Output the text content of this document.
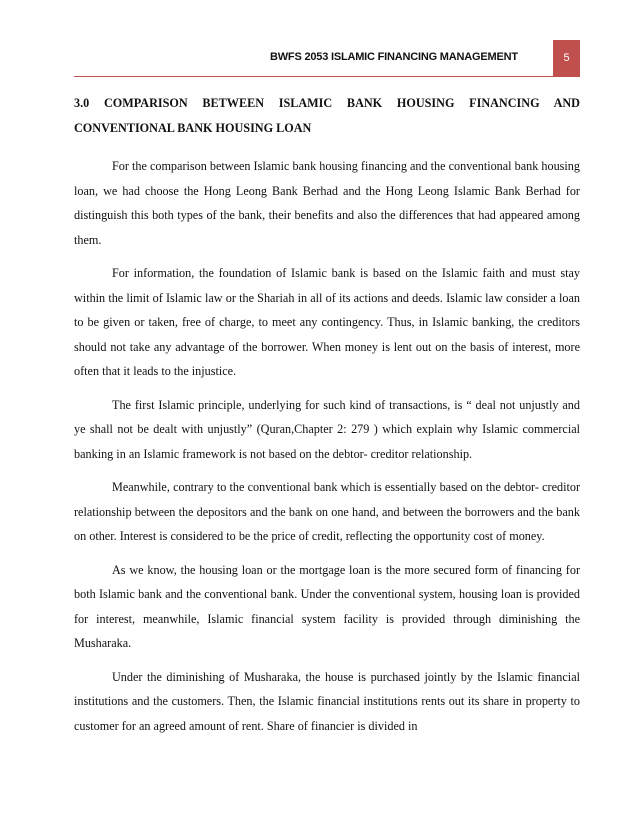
BWFS 2053 ISLAMIC FINANCING MANAGEMENT	5

3.0 COMPARISON BETWEEN ISLAMIC BANK HOUSING FINANCING AND CONVENTIONAL BANK HOUSING LOAN

For the comparison between Islamic bank housing financing and the conventional bank housing loan, we had choose the Hong Leong Bank Berhad and the Hong Leong Islamic Bank Berhad for distinguish this both types of the bank, their benefits and also the differences that had appeared among them.

For information, the foundation of Islamic bank is based on the Islamic faith and must stay within the limit of Islamic law or the Shariah in all of its actions and deeds. Islamic law consider a loan to be given or taken, free of charge, to meet any contingency. Thus, in Islamic banking, the creditors should not take any advantage of the borrower. When money is lent out on the basis of interest, more often that it leads to the injustice.

The first Islamic principle, underlying for such kind of transactions, is “ deal not unjustly and ye shall not be dealt with unjustly” (Quran,Chapter 2: 279 ) which explain why Islamic commercial banking in an Islamic framework is not based on the debtor- creditor relationship.

Meanwhile, contrary to the conventional bank which is essentially based on the debtor- creditor relationship between the depositors and the bank on one hand, and between the borrowers and the bank on other. Interest is considered to be the price of credit, reflecting the opportunity cost of money.

As we know, the housing loan or the mortgage loan is the more secured form of financing for both Islamic bank and the conventional bank. Under the conventional system, housing loan is provided for interest, meanwhile, Islamic financial system facility is provided through diminishing the Musharaka.

Under the diminishing of Musharaka, the house is purchased jointly by the Islamic financial institutions and the customers. Then, the Islamic financial institutions rents out its share in property to customer for an agreed amount of rent. Share of financier is divided in
